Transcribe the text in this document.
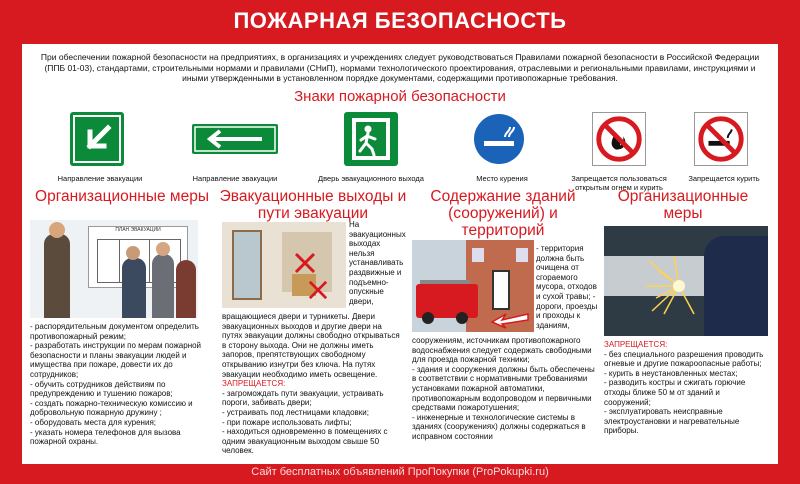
ПОЖАРНАЯ БЕЗОПАСНОСТЬ
При обеспечении пожарной безопасности на предприятиях, в организациях и учреждениях следует руководствоваться Правилами пожарной безопасности в Российской Федерации (ППБ 01-03), стандартами, строительными нормами и правилами (СНиП), нормами технологического проектирования, отраслевыми и региональными правилами, инструкциями и иными утвержденными в установленном порядке документами, содержащими противопожарные требования.
Знаки пожарной безопасности
Направление эвакуации	Направление эвакуации	Дверь эвакуационного выхода	Место курения	Запрещается пользоваться открытым огнем и курить
Запрещается курить
Организационные меры Эвакуационные выходы и пути эвакуации
Содержание зданий (сооружений) и территорий
Организационные меры
ПЛАН ЭВАКУАЦИИ

- распорядительным документом определить противопожарный режим;

- разработать инструкции по мерам пожарной безопасности и планы эвакуации людей и имущества при пожаре, довести их до сотрудников;

- обучить сотрудников действиям по предупреждению и тушению пожаров;

- создать пожарно-техническую комиссию и добровольную пожарную дружину ;

- оборудовать места для курения;

- указать номера телефонов для вызова пожарной охраны.

На эвакуационных выходах нельзя устанавливать раздвижные и подъемно-опускные двери,

вращающиеся двери и турникеты. Двери эвакуационных выходов и другие двери на путях эвакуации должны свободно открываться в сторону выхода. Они не должны иметь запоров, препятствующих свободному открыванию изнутри без ключа. На путях эвакуации необходимо иметь освещение.

ЗАПРЕЩАЕТСЯ:

- загромождать пути эвакуации, устраивать пороги, забивать двери;

- устраивать под лестницами кладовки;

- при пожаре использовать лифты;

- находиться одновременно в помещениях с одним эвакуационным выходом свыше 50 человек.

- территория должна быть очищена от сгораемого мусора, отходов и сухой травы; - дороги, проезды и проходы к зданиям,

сооружениям, источникам противопожарного водоснабжения следует содержать свободными для проезда пожарной техники;

- здания и сооружения должны быть обеспечены в соответствии с нормативными требованиями установками пожарной автоматики, противопожарным водопроводом и первичными средствами пожаротушения;

- инженерные и технологические системы в зданиях (сооружениях) должны содержаться в исправном состоянии

ЗАПРЕЩАЕТСЯ:

- без специального разрешения проводить огневые и другие пожароопасные работы;

- курить в неустановленных местах;

- разводить костры и сжигать горючие отходы ближе 50 м от зданий и сооружений;

- эксплуатировать неисправные электроустановки и нагревательные приборы.

Сайт бесплатных объявлений ПроПокупки (ProPokupki.ru)
